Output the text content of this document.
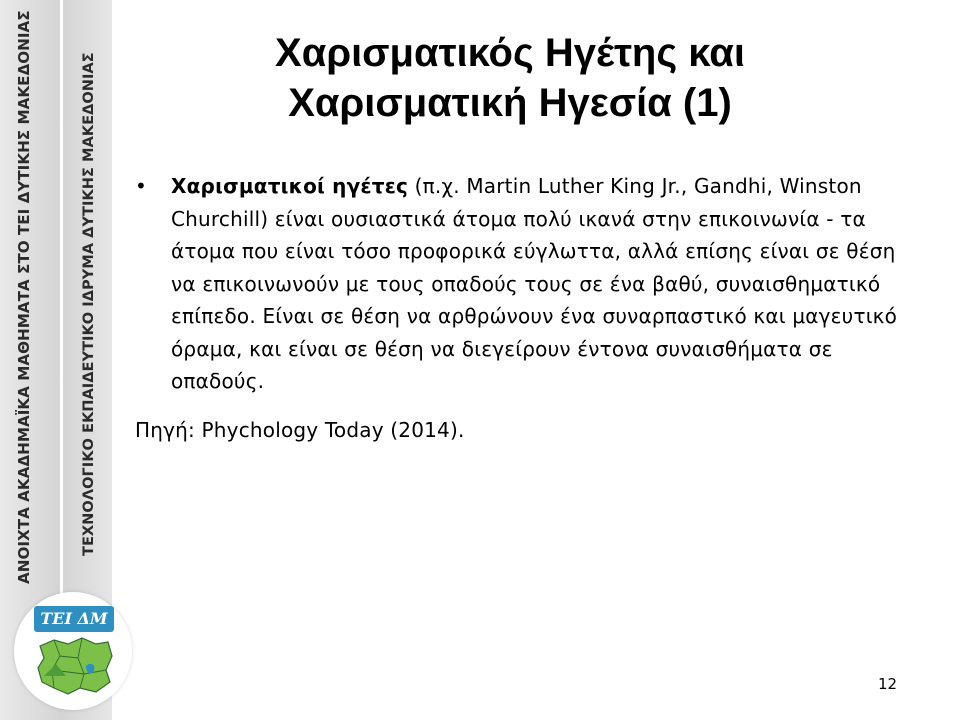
ΑΝΟΙΧΤΑ ΑΚΑΔΗΜΑΪΚΑ ΜΑΘΗΜΑΤΑ ΣΤΟ ΤΕΙ ΔΥΤΙΚΗΣ ΜΑΚΕΔΟΝΙΑΣ	ΤΕΧΝΟΛΟΓΙΚΟ ΕΚΠΑΙΔΕΥΤΙΚΟ ΙΔΡΥΜΑ ΔΥΤΙΚΗΣ ΜΑΚΕΔΟΝΙΑΣ
ΤΕΙ ΔΜ
Χαρισματικός Ηγέτης και
Χαρισματική Ηγεσία (1)
• Χαρισματικοί ηγέτες (π.χ. Martin Luther King Jr., Gandhi, Winston Churchill) είναι ουσιαστικά άτομα πολύ ικανά στην επικοινωνία - τα άτομα που είναι τόσο προφορικά εύγλωττα, αλλά επίσης είναι σε θέση να επικοινωνούν με τους οπαδούς τους σε ένα βαθύ, συναισθηματικό επίπεδο. Είναι σε θέση να αρθρώνουν ένα συναρπαστικό και μαγευτικό όραμα, και είναι σε θέση να διεγείρουν έντονα συναισθήματα σε οπαδούς.
Πηγή: Phychology Today (2014).
12
